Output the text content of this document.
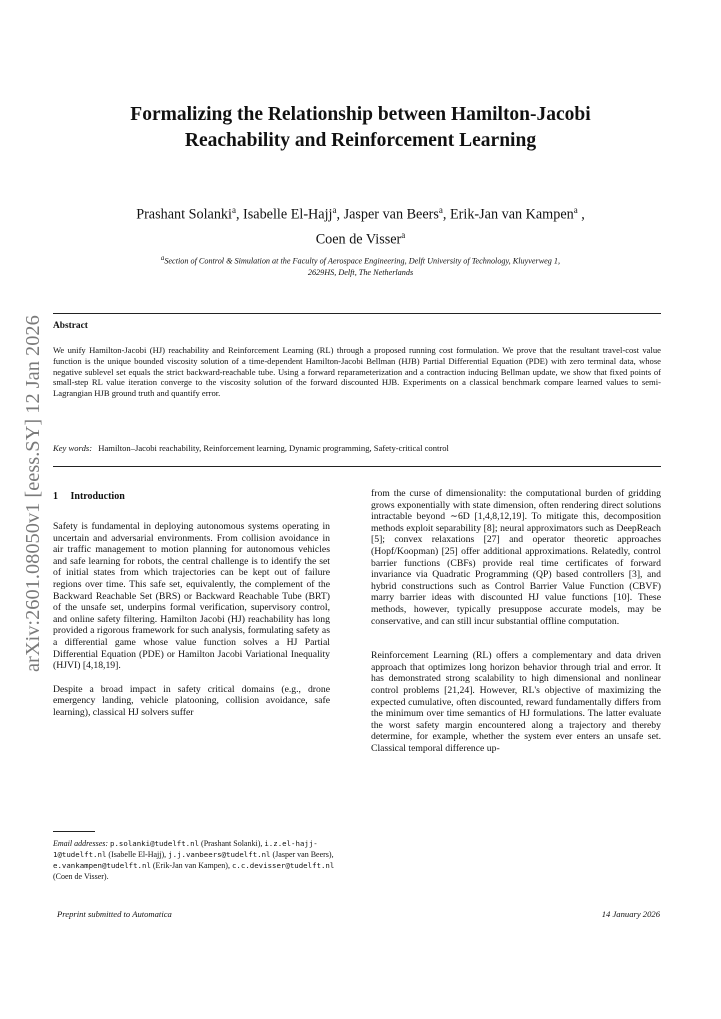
arXiv:2601.08050v1 [eess.SY] 12 Jan 2026
Formalizing the Relationship between Hamilton-Jacobi
Reachability and Reinforcement Learning
Prashant Solanki$^a$, Isabelle El-Hajj$^a$, Jasper van Beers$^a$, Erik-Jan van Kampen$^a$ ,
Coen de Visser$^a$
$^a$Section of Control & Simulation at the Faculty of Aerospace Engineering, Delft University of Technology, Kluyverweg 1,
2629HS, Delft, The Netherlands
Abstract
We unify Hamilton-Jacobi (HJ) reachability and Reinforcement Learning (RL) through a proposed running cost formulation. We prove that the resultant travel-cost value function is the unique bounded viscosity solution of a time-dependent Hamilton-Jacobi Bellman (HJB) Partial Differential Equation (PDE) with zero terminal data, whose negative sublevel set equals the strict backward-reachable tube. Using a forward reparameterization and a contraction inducing Bellman update, we show that fixed points of small-step RL value iteration converge to the viscosity solution of the forward discounted HJB. Experiments on a classical benchmark compare learned values to semi-Lagrangian HJB ground truth and quantify error.
Key words: Hamilton–Jacobi reachability, Reinforcement learning, Dynamic programming, Safety-critical control
1 Introduction

Safety is fundamental in deploying autonomous systems operating in uncertain and adversarial environments. From collision avoidance in air traffic management to motion planning for autonomous vehicles and safe learning for robots, the central challenge is to identify the set of initial states from which trajectories can be kept out of failure regions over time. This safe set, equivalently, the complement of the Backward Reachable Set (BRS) or Backward Reachable Tube (BRT) of the unsafe set, underpins formal verification, supervisory control, and online safety filtering. Hamilton Jacobi (HJ) reachability has long provided a rigorous framework for such analysis, formulating safety as a differential game whose value function solves a HJ Partial Differential Equation (PDE) or Hamilton Jacobi Variational Inequality (HJVI) [4,18,19].

Despite a broad impact in safety critical domains (e.g., drone emergency landing, vehicle platooning, collision avoidance, safe learning), classical HJ solvers suffer

from the curse of dimensionality: the computational burden of gridding grows exponentially with state dimension, often rendering direct solutions intractable beyond ∼6D [1,4,8,12,19]. To mitigate this, decomposition methods exploit separability [8]; neural approximators such as DeepReach [5]; convex relaxations [27] and operator theoretic approaches (Hopf/Koopman) [25] offer additional approximations. Relatedly, control barrier functions (CBFs) provide real time certificates of forward invariance via Quadratic Programming (QP) based controllers [3], and hybrid constructions such as Control Barrier Value Function (CBVF) marry barrier ideas with discounted HJ value functions [10]. These methods, however, typically presuppose accurate models, may be conservative, and can still incur substantial offline computation.

Reinforcement Learning (RL) offers a complementary and data driven approach that optimizes long horizon behavior through trial and error. It has demonstrated strong scalability to high dimensional and nonlinear control problems [21,24]. However, RL's objective of maximizing the expected cumulative, often discounted, reward fundamentally differs from the minimum over time semantics of HJ formulations. The latter evaluate the worst safety margin encountered along a trajectory and thereby determine, for example, whether the system ever enters an unsafe set. Classical temporal difference up-

Email addresses: p.solanki@tudelft.nl (Prashant Solanki), i.z.el-hajj-1@tudelft.nl (Isabelle El-Hajj), j.j.vanbeers@tudelft.nl (Jasper van Beers), e.vankampen@tudelft.nl (Erik-Jan van Kampen), c.c.devisser@tudelft.nl (Coen de Visser).
Preprint submitted to Automatica	14 January 2026
